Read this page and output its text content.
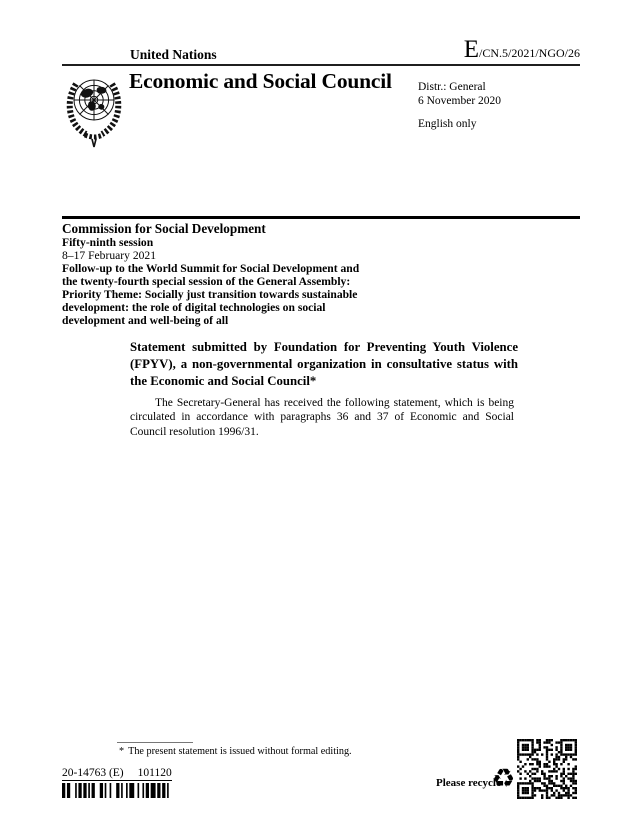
United Nations	E /CN.5/2021/NGO/26
Economic and Social Council Distr.: General
6 November 2020
English only
Commission for Social Development
Fifty-ninth session
8–17 February 2021
Follow-up to the World Summit for Social Development and
the twenty-fourth special session of the General Assembly:
Priority Theme: Socially just transition towards sustainable
development: the role of digital technologies on social
development and well-being of all
Statement submitted by Foundation for Preventing Youth Violence (FPYV), a non-governmental organization in consultative status with the Economic and Social Council*
The Secretary-General has received the following statement, which is being circulated in accordance with paragraphs 36 and 37 of Economic and Social Council resolution 1996/31.
* The present statement is issued without formal editing.
20-14763 (E) 101120
Please recycle
♻
